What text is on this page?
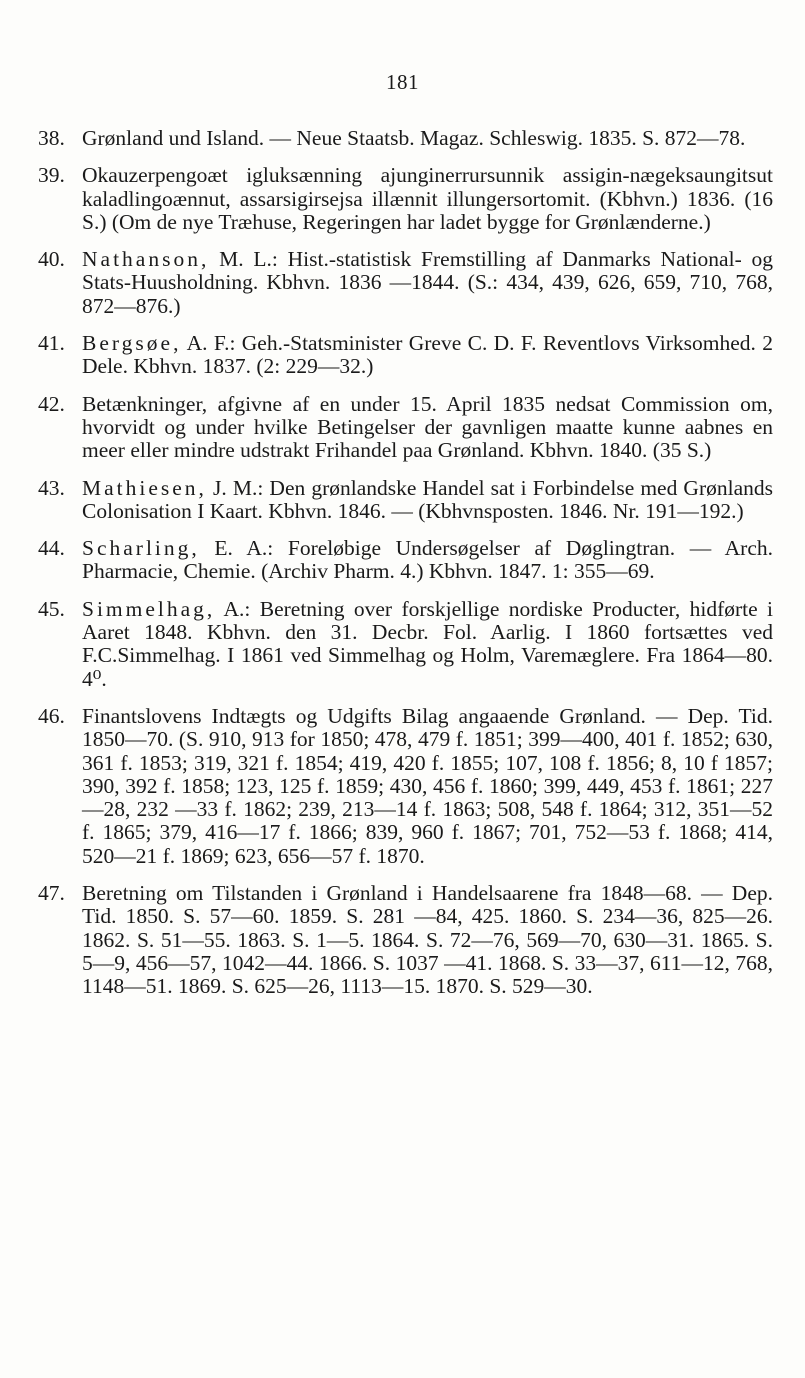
181
38. Grønland und Island. — Neue Staatsb. Magaz. Schleswig. 1835. S. 872—78.
39. Okauzerpengoæt igluksænning ajunginerrursunnik assigin-nægeksaungitsut kaladlingoænnut, assarsigirsejsa illænnit illungersortomit. (Kbhvn.) 1836. (16 S.) (Om de nye Træhuse, Regeringen har ladet bygge for Grønlænderne.)
40. Nathanson, M. L.: Hist.-statistisk Fremstilling af Danmarks National- og Stats-Huusholdning. Kbhvn. 1836 —1844. (S.: 434, 439, 626, 659, 710, 768, 872—876.)
41. Bergsøe, A. F.: Geh.-Statsminister Greve C. D. F. Reventlovs Virksomhed. 2 Dele. Kbhvn. 1837. (2: 229—32.)
42. Betænkninger, afgivne af en under 15. April 1835 nedsat Commission om, hvorvidt og under hvilke Betingelser der gavnligen maatte kunne aabnes en meer eller mindre udstrakt Frihandel paa Grønland. Kbhvn. 1840. (35 S.)
43. Mathiesen, J. M.: Den grønlandske Handel sat i Forbindelse med Grønlands Colonisation I Kaart. Kbhvn. 1846. — (Kbhvnsposten. 1846. Nr. 191—192.)
44. Scharling, E. A.: Foreløbige Undersøgelser af Døglingtran. — Arch. Pharmacie, Chemie. (Archiv Pharm. 4.) Kbhvn. 1847. 1: 355—69.
45. Simmelhag, A.: Beretning over forskjellige nordiske Producter, hidførte i Aaret 1848. Kbhvn. den 31. Decbr. Fol. Aarlig. I 1860 fortsættes ved F.C.Simmelhag. I 1861 ved Simmelhag og Holm, Varemæglere. Fra 1864—80. 4⁰.
46. Finantslovens Indtægts og Udgifts Bilag angaaende Grønland. — Dep. Tid. 1850—70. (S. 910, 913 for 1850; 478, 479 f. 1851; 399—400, 401 f. 1852; 630, 361 f. 1853; 319, 321 f. 1854; 419, 420 f. 1855; 107, 108 f. 1856; 8, 10 f 1857; 390, 392 f. 1858; 123, 125 f. 1859; 430, 456 f. 1860; 399, 449, 453 f. 1861; 227—28, 232 —33 f. 1862; 239, 213—14 f. 1863; 508, 548 f. 1864; 312, 351—52 f. 1865; 379, 416—17 f. 1866; 839, 960 f. 1867; 701, 752—53 f. 1868; 414, 520—21 f. 1869; 623, 656—57 f. 1870.
47. Beretning om Tilstanden i Grønland i Handelsaarene fra 1848—68. — Dep. Tid. 1850. S. 57—60. 1859. S. 281 —84, 425. 1860. S. 234—36, 825—26. 1862. S. 51—55. 1863. S. 1—5. 1864. S. 72—76, 569—70, 630—31. 1865. S. 5—9, 456—57, 1042—44. 1866. S. 1037 —41. 1868. S. 33—37, 611—12, 768, 1148—51. 1869. S. 625—26, 1113—15. 1870. S. 529—30.
